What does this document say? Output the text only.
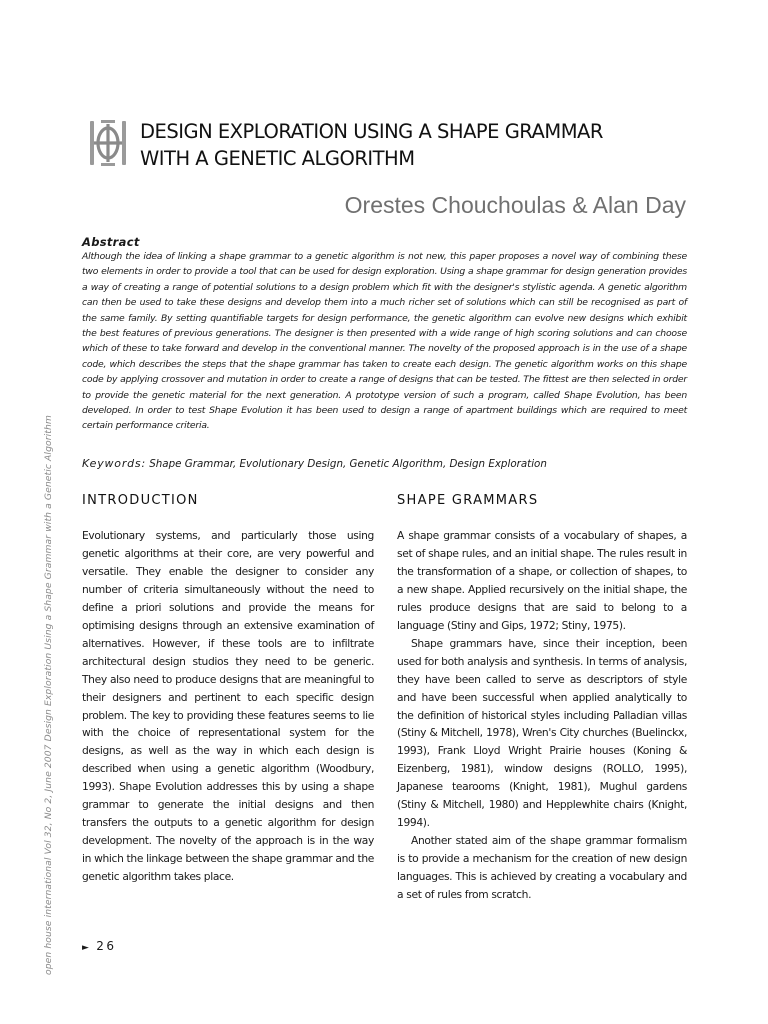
DESIGN EXPLORATION USING A SHAPE GRAMMAR
WITH A GENETIC ALGORITHM
Orestes Chouchoulas & Alan Day
Abstract

Although the idea of linking a shape grammar to a genetic algorithm is not new, this paper proposes a novel way of combining these two elements in order to provide a tool that can be used for design exploration. Using a shape grammar for design generation provides a way of creating a range of potential solutions to a design problem which fit with the designer's stylistic agenda. A genetic algorithm can then be used to take these designs and develop them into a much richer set of solutions which can still be recognised as part of the same family. By setting quantifiable targets for design performance, the genetic algorithm can evolve new designs which exhibit the best features of previous generations. The designer is then presented with a wide range of high scoring solutions and can choose which of these to take forward and develop in the conventional manner. The novelty of the proposed approach is in the use of a shape code, which describes the steps that the shape grammar has taken to create each design. The genetic algorithm works on this shape code by applying crossover and mutation in order to create a range of designs that can be tested. The fittest are then selected in order to provide the genetic material for the next generation. A prototype version of such a program, called Shape Evolution, has been developed. In order to test Shape Evolution it has been used to design a range of apartment buildings which are required to meet certain performance criteria.

Keywords: Shape Grammar, Evolutionary Design, Genetic Algorithm, Design Exploration

INTRODUCTION

Evolutionary systems, and particularly those using genetic algorithms at their core, are very powerful and versatile. They enable the designer to consider any number of criteria simultaneously without the need to define a priori solutions and provide the means for optimising designs through an extensive examination of alternatives. However, if these tools are to infiltrate architectural design studios they need to be generic. They also need to produce designs that are meaningful to their designers and pertinent to each specific design problem. The key to providing these features seems to lie with the choice of representational system for the designs, as well as the way in which each design is described when using a genetic algorithm (Woodbury, 1993). Shape Evolution addresses this by using a shape grammar to generate the initial designs and then transfers the outputs to a genetic algorithm for design development. The novelty of the approach is in the way in which the linkage between the shape grammar and the genetic algorithm takes place.

SHAPE GRAMMARS

A shape grammar consists of a vocabulary of shapes, a set of shape rules, and an initial shape. The rules result in the transformation of a shape, or collection of shapes, to a new shape. Applied recursively on the initial shape, the rules produce designs that are said to belong to a language (Stiny and Gips, 1972; Stiny, 1975).

Shape grammars have, since their inception, been used for both analysis and synthesis. In terms of analysis, they have been called to serve as descriptors of style and have been successful when applied analytically to the definition of historical styles including Palladian villas (Stiny & Mitchell, 1978), Wren's City churches (Buelinckx, 1993), Frank Lloyd Wright Prairie houses (Koning & Eizenberg, 1981), window designs (ROLLO, 1995), Japanese tearooms (Knight, 1981), Mughul gardens (Stiny & Mitchell, 1980) and Hepplewhite chairs (Knight, 1994).

Another stated aim of the shape grammar formalism is to provide a mechanism for the creation of new design languages. This is achieved by creating a vocabulary and a set of rules from scratch.

open house international Vol 32, No 2, June 2007 Design Exploration Using a Shape Grammar with a Genetic Algorithm	► 26
